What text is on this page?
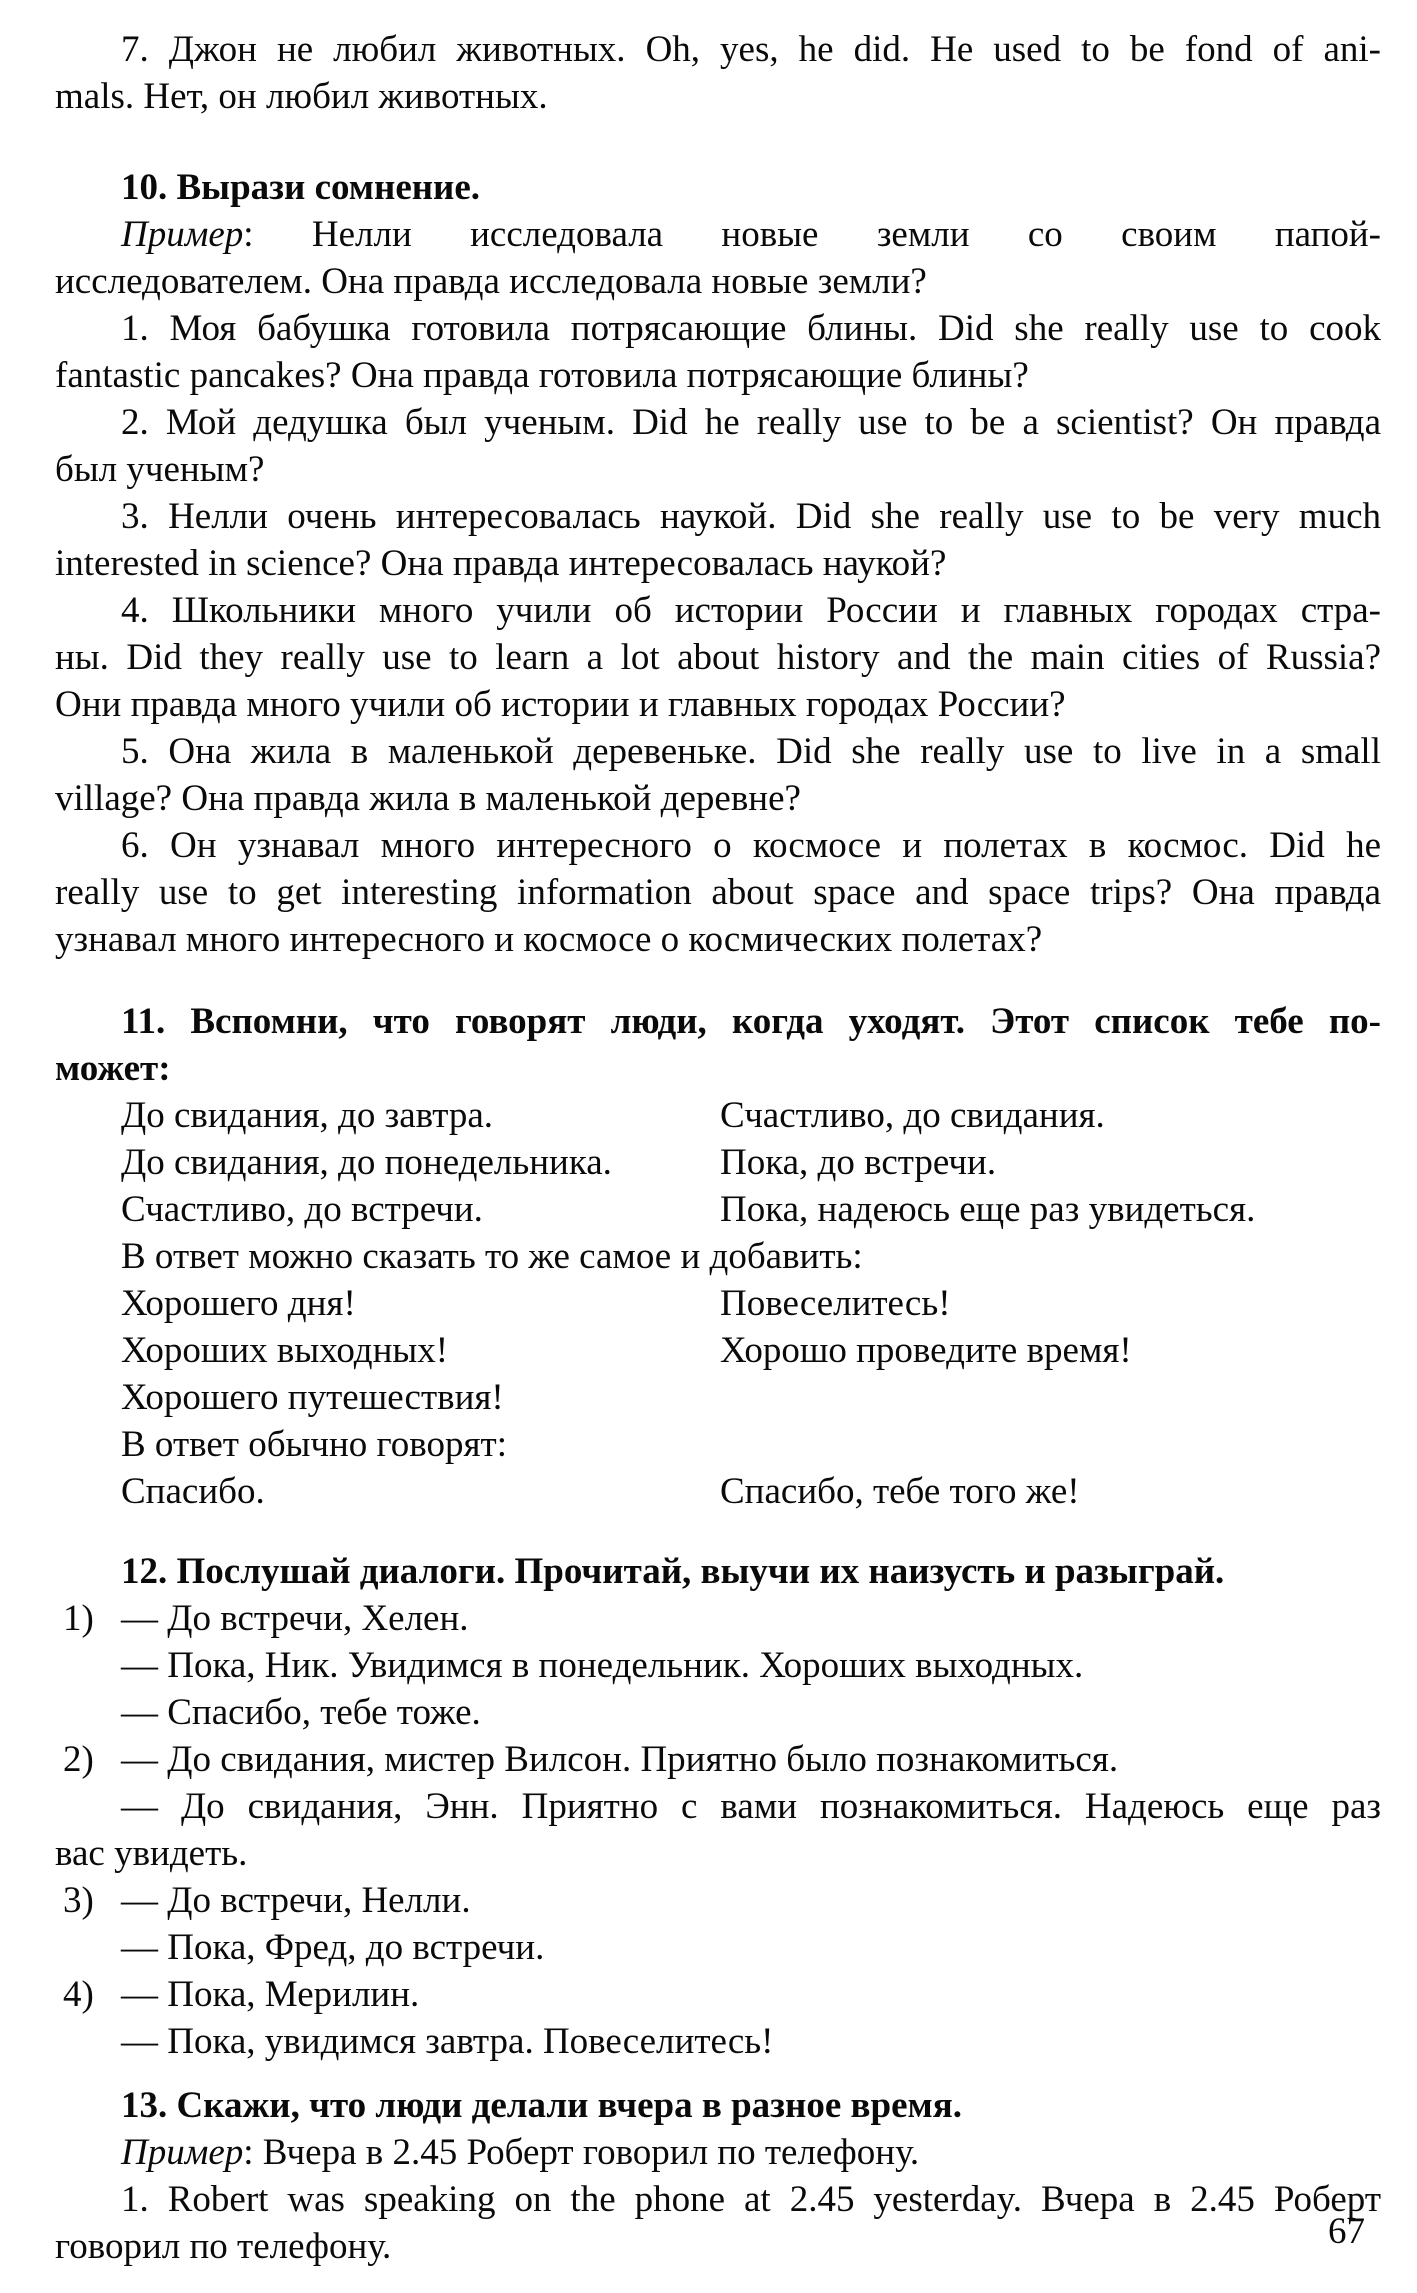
7. Джон не любил животных. Oh, yes, he did. He used to be fond of ani-
mals. Нет, он любил животных.
10. Вырази сомнение.
Пример: Нелли исследовала новые земли со своим папой-
исследователем. Она правда исследовала новые земли?
1. Моя бабушка готовила потрясающие блины. Did she really use to cook
fantastic pancakes? Она правда готовила потрясающие блины?
2. Мой дедушка был ученым. Did he really use to be a scientist? Он правда
был ученым?
3. Нелли очень интересовалась наукой. Did she really use to be very much
interested in science? Она правда интересовалась наукой?
4. Школьники много учили об истории России и главных городах стра-
ны. Did they really use to learn a lot about history and the main cities of Russia?
Они правда много учили об истории и главных городах России?
5. Она жила в маленькой деревеньке. Did she really use to live in a small
village? Она правда жила в маленькой деревне?
6. Он узнавал много интересного о космосе и полетах в космос. Did he
really use to get interesting information about space and space trips? Она правда
узнавал много интересного и космосе о космических полетах?
11. Вспомни, что говорят люди, когда уходят. Этот список тебе по-
может:
До свидания, до завтра.	Счастливо, до свидания.
До свидания, до понедельника.	Пока, до встречи.
Счастливо, до встречи.	Пока, надеюсь еще раз увидеться.
В ответ можно сказать то же самое и добавить:
Хорошего дня!	Повеселитесь!
Хороших выходных!	Хорошо проведите время!
Хорошего путешествия!
В ответ обычно говорят:
Спасибо.	Спасибо, тебе того же!
12. Послушай диалоги. Прочитай, выучи их наизусть и разыграй.
1) — До встречи, Хелен.
— Пока, Ник. Увидимся в понедельник. Хороших выходных.
— Спасибо, тебе тоже.
2) — До свидания, мистер Вилсон. Приятно было познакомиться.
— До свидания, Энн. Приятно с вами познакомиться. Надеюсь еще раз
вас увидеть.
3) — До встречи, Нелли.
— Пока, Фред, до встречи.
4) — Пока, Мерилин.
— Пока, увидимся завтра. Повеселитесь!
13. Скажи, что люди делали вчера в разное время.
Пример: Вчера в 2.45 Роберт говорил по телефону.
1. Robert was speaking on the phone at 2.45 yesterday. Вчера в 2.45 Роберт
говорил по телефону.	67
